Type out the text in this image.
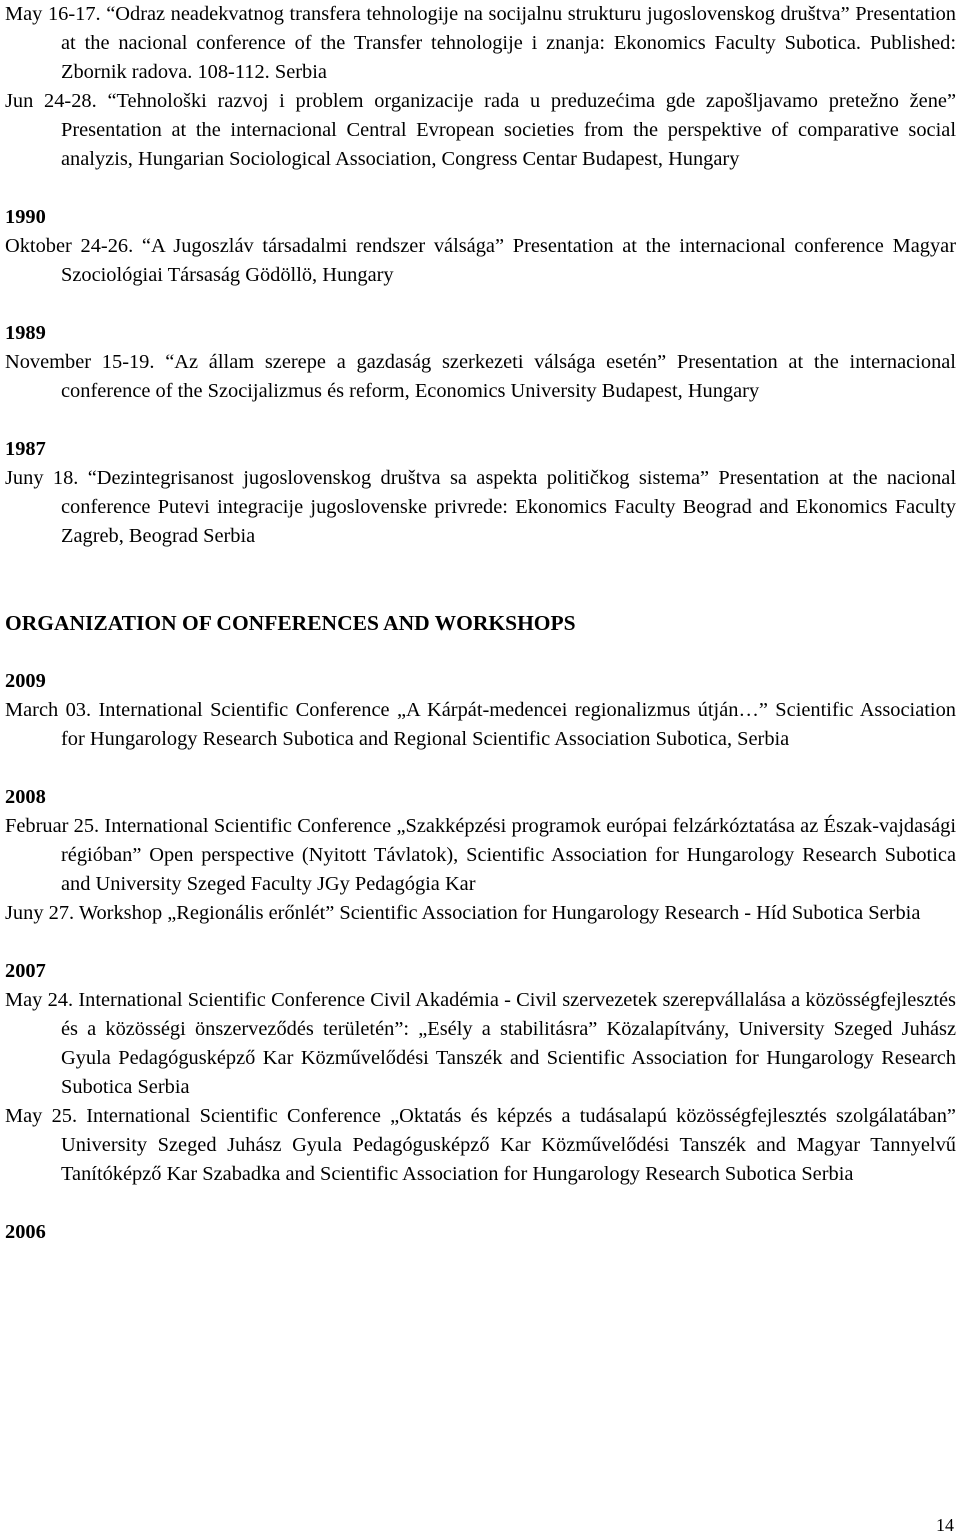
May 16-17. “Odraz neadekvatnog transfera tehnologije na socijalnu strukturu jugoslovenskog društva” Presentation at the nacional conference of the Transfer tehnologije i znanja: Ekonomics Faculty Subotica. Published: Zbornik radova. 108-112. Serbia

Jun 24-28. “Tehnološki razvoj i problem organizacije rada u preduzećima gde zapošljavamo pretežno žene” Presentation at the internacional Central Evropean societies from the perspektive of comparative social analyzis, Hungarian Sociological Association, Congress Centar Budapest, Hungary

1990

Oktober 24-26. “A Jugoszláv társadalmi rendszer válsága” Presentation at the internacional conference Magyar Szociológiai Társaság Gödöllö, Hungary

1989

November 15-19. “Az állam szerepe a gazdaság szerkezeti válsága esetén” Presentation at the internacional conference of the Szocijalizmus és reform, Economics University Budapest, Hungary

1987

Juny 18. “Dezintegrisanost jugoslovenskog društva sa aspekta političkog sistema” Presentation at the nacional conference Putevi integracije jugoslovenske privrede: Ekonomics Faculty Beograd and Ekonomics Faculty Zagreb, Beograd Serbia

ORGANIZATION OF CONFERENCES AND WORKSHOPS
2009

March 03. International Scientific Conference „A Kárpát-medencei regionalizmus útján…” Scientific Association for Hungarology Research Subotica and Regional Scientific Association Subotica, Serbia

2008

Februar 25. International Scientific Conference „Szakképzési programok európai felzárkóztatása az Észak-vajdasági régióban” Open perspective (Nyitott Távlatok), Scientific Association for Hungarology Research Subotica and University Szeged Faculty JGy Pedagógia Kar

Juny 27. Workshop „Regionális erőnlét” Scientific Association for Hungarology Research - Híd Subotica Serbia

2007

May 24. International Scientific Conference Civil Akadémia - Civil szervezetek szerepvállalása a közösségfejlesztés és a közösségi önszerveződés területén”: „Esély a stabilitásra” Közalapítvány, University Szeged Juhász Gyula Pedagógusképző Kar Közművelődési Tanszék and Scientific Association for Hungarology Research Subotica Serbia

May 25. International Scientific Conference „Oktatás és képzés a tudásalapú közösségfejlesztés szolgálatában” University Szeged Juhász Gyula Pedagógusképző Kar Közművelődési Tanszék and Magyar Tannyelvű Tanítóképző Kar Szabadka and Scientific Association for Hungarology Research Subotica Serbia

2006
14
